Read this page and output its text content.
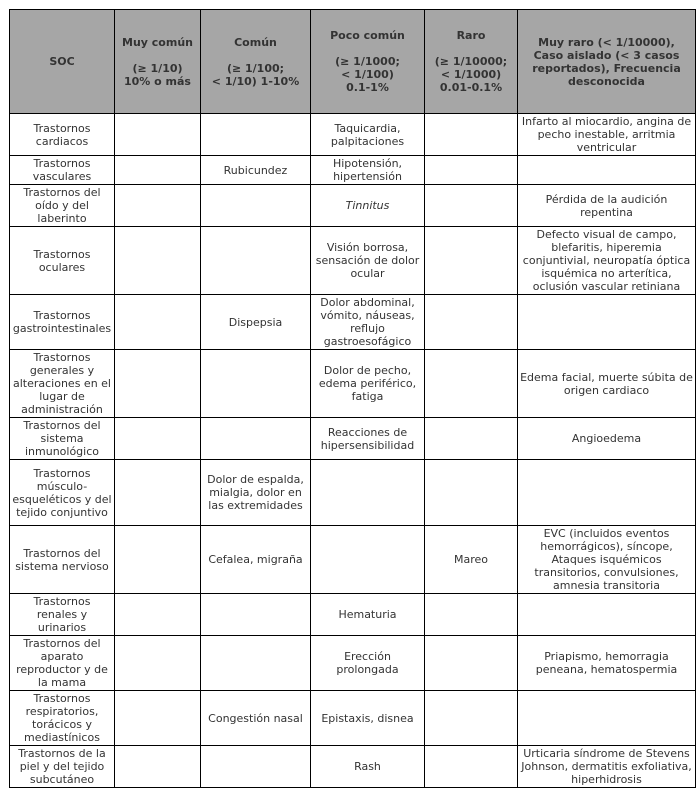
SOC	Muy común

(≥ 1/10)
10% o más	Común

(≥ 1/100;
< 1/10) 1-10%	Poco común

(≥ 1/1000;
< 1/100)
0.1-1%	Raro

(≥ 1/10000;
< 1/1000)
0.01-0.1%	Muy raro (< 1/10000),
Caso aislado (< 3 casos
reportados), Frecuencia
desconocida
Trastornos cardiacos			Taquicardia, palpitaciones		Infarto al miocardio, angina de pecho inestable, arritmia ventricular
Trastornos vasculares		Rubicundez	Hipotensión, hipertensión		
Trastornos del oído y del laberinto			Tinnitus		Pérdida de la audición repentina
Trastornos oculares			Visión borrosa, sensación de dolor ocular		Defecto visual de campo, blefaritis, hiperemia conjuntivial, neuropatía óptica isquémica no arterítica, oclusión vascular retiniana
Trastornos gastrointestinales		Dispepsia	Dolor abdominal, vómito, náuseas, reflujo gastroesofágico		

Trastornos generales y alteraciones en el lugar de administración			Dolor de pecho, edema periférico, fatiga		Edema facial, muerte súbita de origen cardiaco
Trastornos del sistema inmunológico			Reacciones de hipersensibilidad		Angioedema
Trastornos músculo-esqueléticos y del tejido conjuntivo		Dolor de espalda, mialgia, dolor en las extremidades			
Trastornos del sistema nervioso		Cefalea, migraña		Mareo	EVC (incluidos eventos hemorrágicos), síncope, Ataques isquémicos transitorios, convulsiones, amnesia transitoria
Trastornos renales y urinarios			Hematuria		
Trastornos del aparato reproductor y de la mama			Erección prolongada		Priapismo, hemorragia peneana, hematospermia
Trastornos respiratorios, torácicos y mediastínicos		Congestión nasal	Epistaxis, disnea		
Trastornos de la piel y del tejido subcutáneo			Rash		Urticaria síndrome de Stevens Johnson, dermatitis exfoliativa, hiperhidrosis
